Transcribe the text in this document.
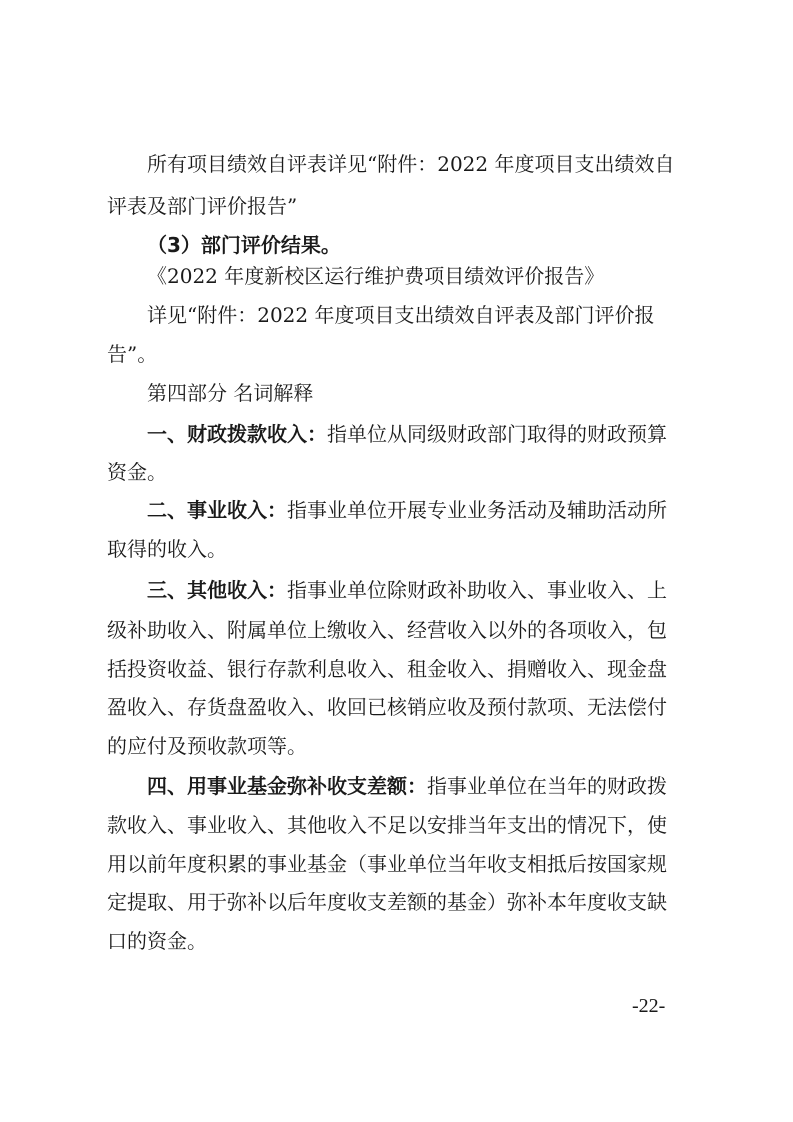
所有项目绩效自评表详见“附件：2022 年度项目支出绩效自
评表及部门评价报告”
（3）部门评价结果。
《2022 年度新校区运行维护费项目绩效评价报告》
详见“附件：2022 年度项目支出绩效自评表及部门评价报
告”。
第四部分 名词解释
一、财政拨款收入：指单位从同级财政部门取得的财政预算
资金。
二、事业收入：指事业单位开展专业业务活动及辅助活动所
取得的收入。
三、其他收入：指事业单位除财政补助收入、事业收入、上
级补助收入、附属单位上缴收入、经营收入以外的各项收入，包
括投资收益、银行存款利息收入、租金收入、捐赠收入、现金盘
盈收入、存货盘盈收入、收回已核销应收及预付款项、无法偿付
的应付及预收款项等。
四、用事业基金弥补收支差额：指事业单位在当年的财政拨
款收入、事业收入、其他收入不足以安排当年支出的情况下，使
用以前年度积累的事业基金（事业单位当年收支相抵后按国家规
定提取、用于弥补以后年度收支差额的基金）弥补本年度收支缺
口的资金。
-22-
